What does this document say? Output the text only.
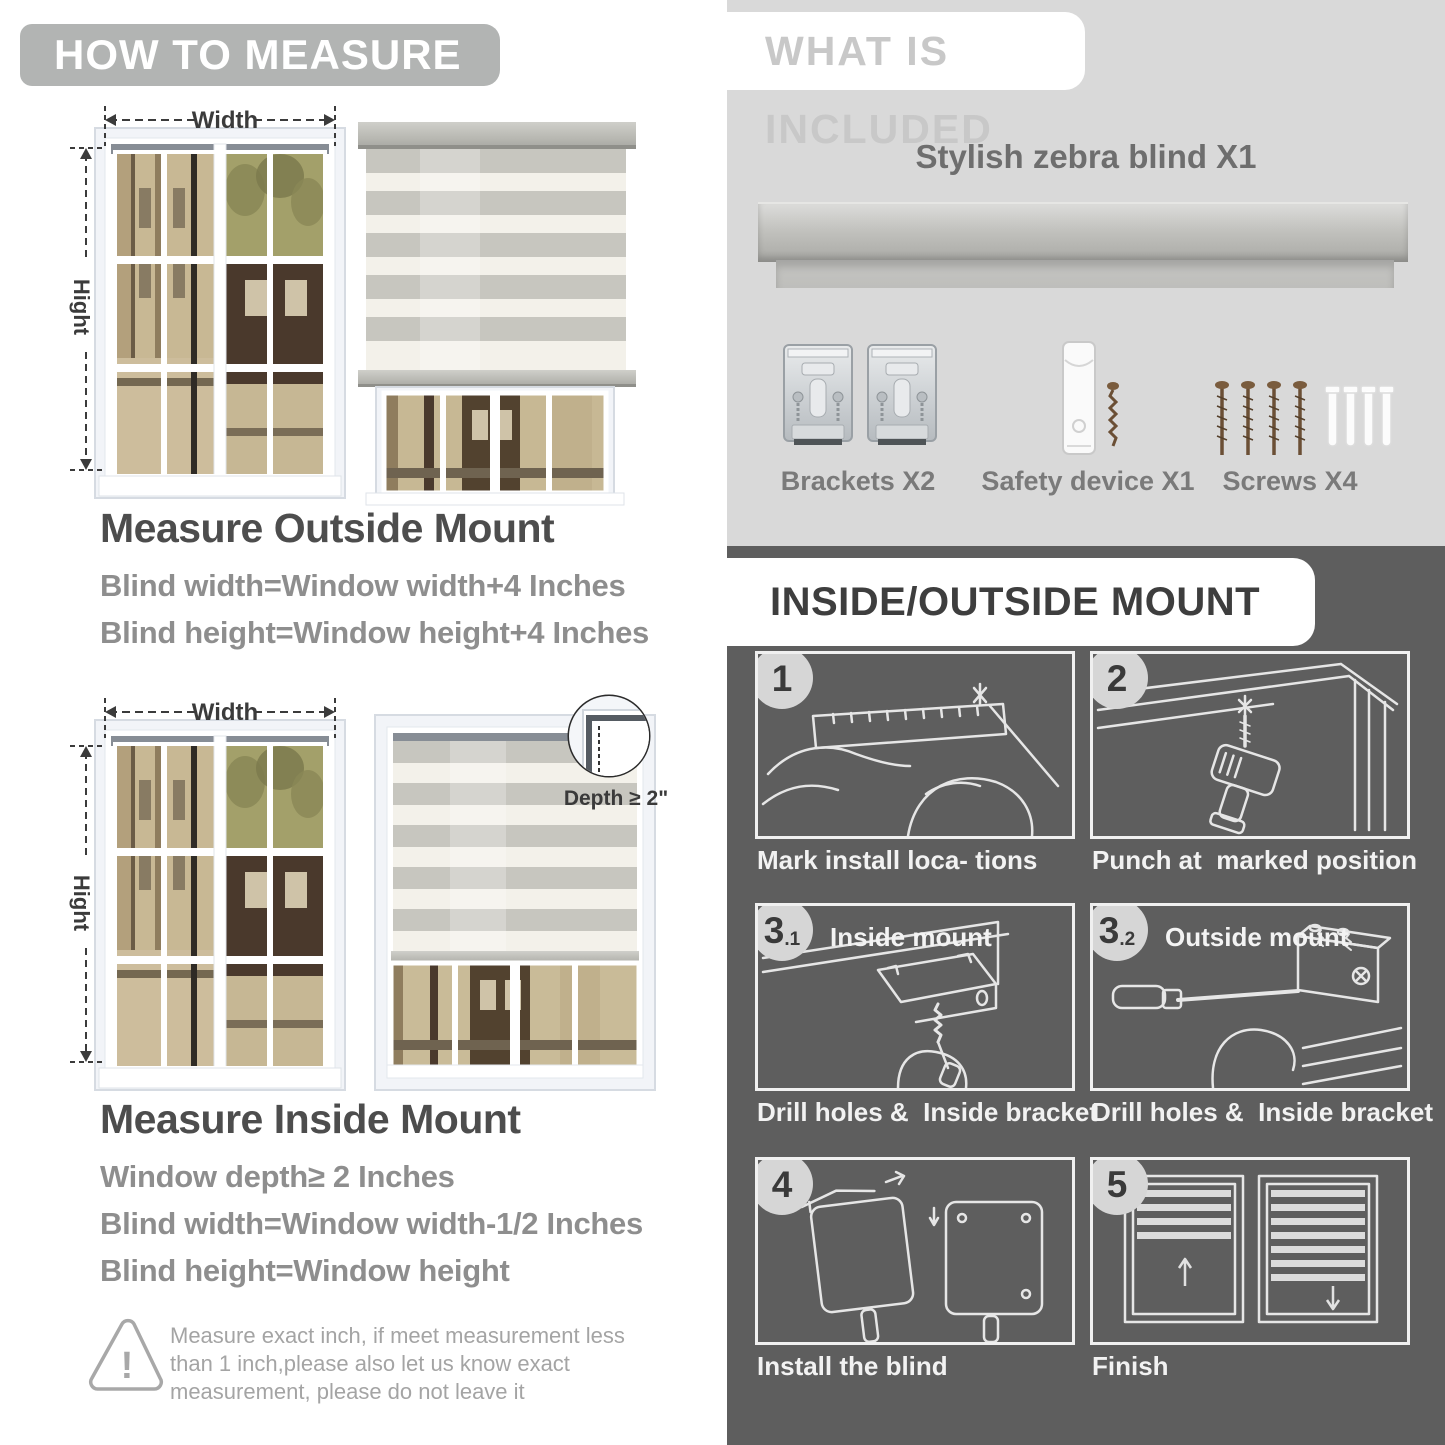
HOW TO MEASURE
Width
Hight
Width
Hight
Depth ≥ 2"
Measure Outside Mount
Blind width=Window width+4 Inches
Blind height=Window height+4 Inches
Measure Inside Mount
Window depth≥ 2 Inches
Blind width=Window width-1/2 Inches
Blind height=Window height
!
Measure exact inch, if meet measurement less
than 1 inch,please also let us know exact
measurement, please do not leave it
WHAT IS INCLUDED
Stylish zebra blind X1
Brackets X2 Safety device X1 Screws X4
INSIDE/OUTSIDE MOUNT
1
Mark install loca- tions
2
Punch at  marked position
3 .1 Inside mount
Drill holes &  Inside bracket
3 .2 Outside mount
Drill holes &  Inside bracket
4
Install the blind
5
Finish
